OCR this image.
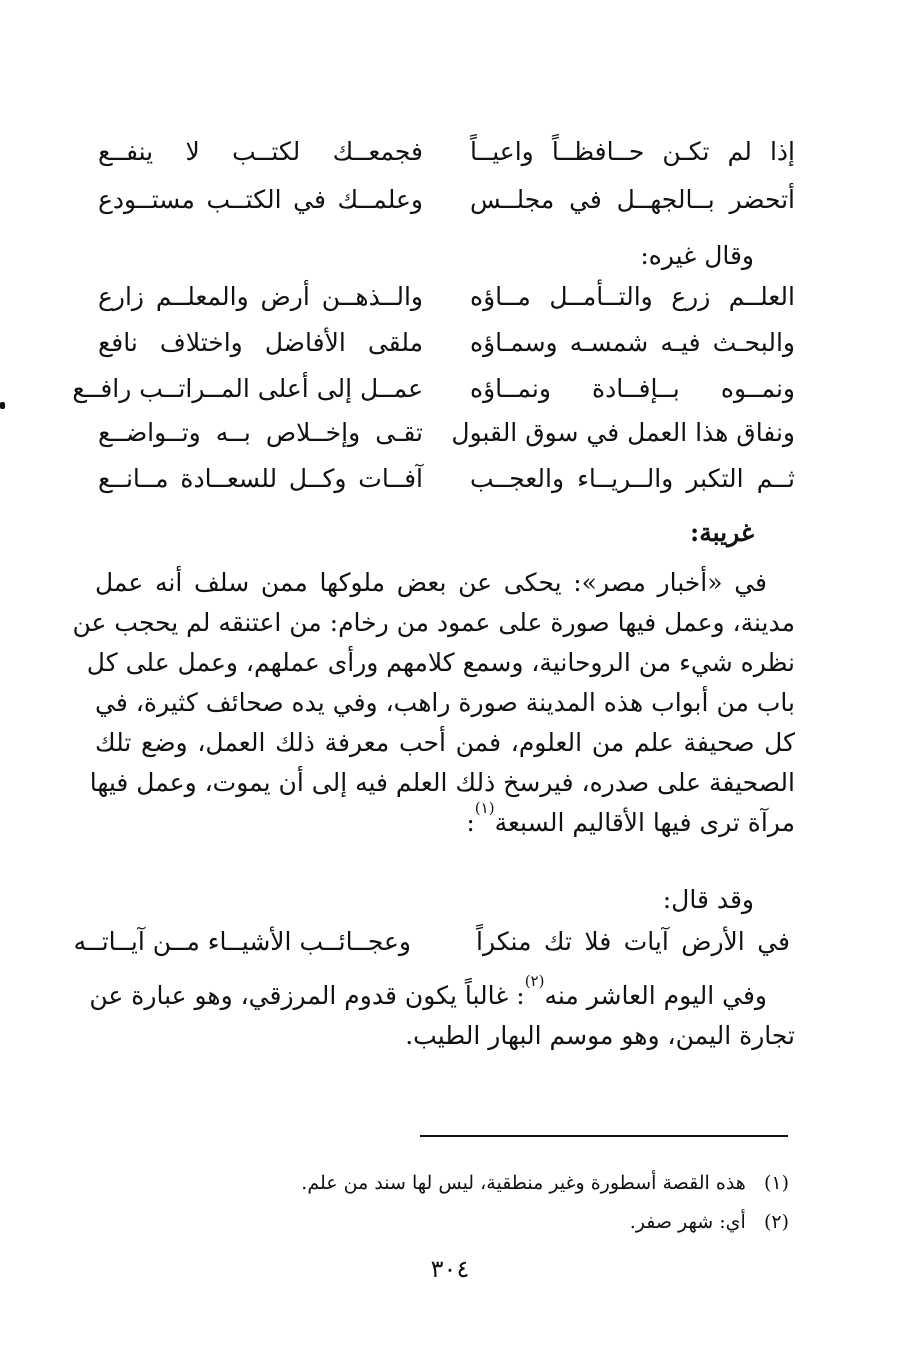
إذا لم تكـن حــافظــاً واعيــاً
فجمعــك لكتــب لا ينفــع
أتحضر بــالجهــل في مجلــس
وعلمــك في الكتــب مستــودع
وقال غيره:
العلــم زرع والتــأمــل مــاؤه
والــذهــن أرض والمعلــم زارع
والبحـث فيـه شمسـه وسمـاؤه
ملقى الأفاضل واختلاف نافع
ونمــوه بــإفــادة ونمــاؤه
عمــل إلى أعلى المــراتــب رافــع
ونفاق هذا العمل في سوق القبول
تقـى وإخــلاص بــه وتــواضــع
ثــم التكبر والــريــاء والعجــب
آفــات وكــل للسعــادة مــانــع
غريبة:
في «أخبار مصر»: يحكى عن بعض ملوكها ممن سلف أنه عمل
مدينة، وعمل فيها صورة على عمود من رخام: من اعتنقه لم يحجب عن
نظره شيء من الروحانية، وسمع كلامهم ورأى عملهم، وعمل على كل
باب من أبواب هذه المدينة صورة راهب، وفي يده صحائف كثيرة، في
كل صحيفة علم من العلوم، فمن أحب معرفة ذلك العمل، وضع تلك
الصحيفة على صدره، فيرسخ ذلك العلم فيه إلى أن يموت، وعمل فيها
مرآة ترى فيها الأقاليم السبعة$^{(١)}$:
وقد قال:
في الأرض آيات فلا تك منكراً
وعجــائــب الأشيــاء مــن آيــاتــه
وفي اليوم العاشر منه$^{(٢)}$: غالباً يكون قدوم المرزقي، وهو عبارة عن
تجارة اليمن، وهو موسم البهار الطيب.
(١)   هذه القصة أسطورة وغير منطقية، ليس لها سند من علم.
(٢)   أي: شهر صفر.
٣٠٤
